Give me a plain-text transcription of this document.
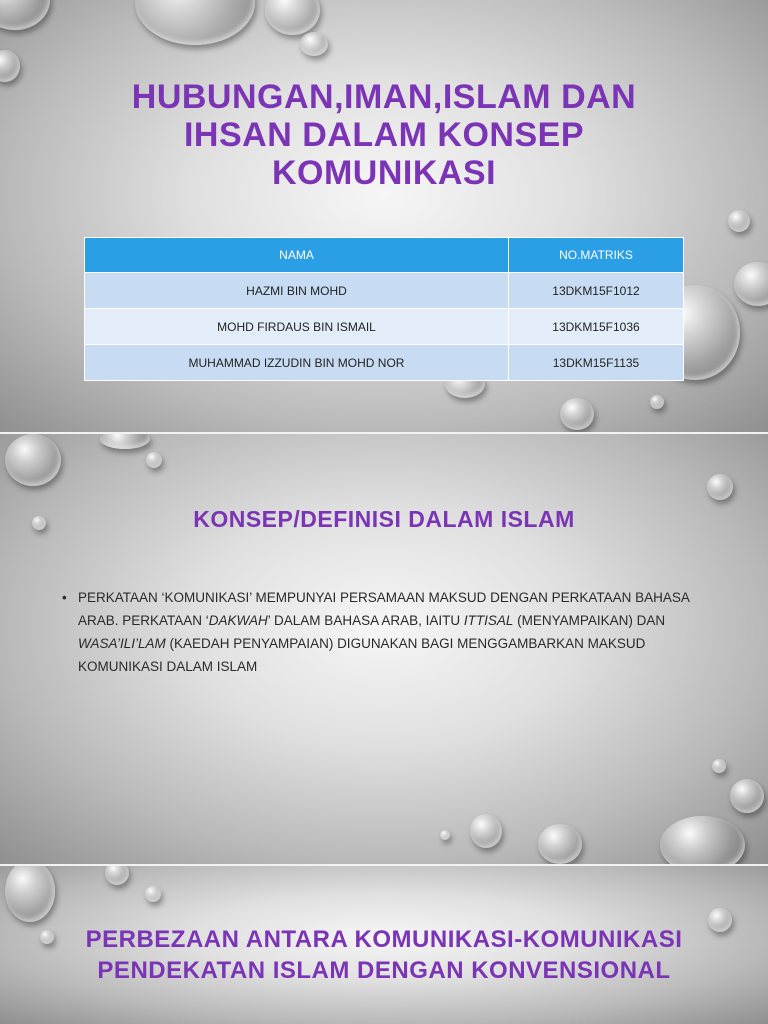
HUBUNGAN,IMAN,ISLAM DAN
IHSAN DALAM KONSEP
KOMUNIKASI
NAMA	NO.MATRIKS
HAZMI BIN MOHD	13DKM15F1012
MOHD FIRDAUS BIN ISMAIL	13DKM15F1036
MUHAMMAD IZZUDIN BIN MOHD NOR	13DKM15F1135
KONSEP/DEFINISI DALAM ISLAM
• PERKATAAN ‘KOMUNIKASI’ MEMPUNYAI PERSAMAAN MAKSUD DENGAN PERKATAAN BAHASA ARAB. PERKATAAN ‘DAKWAH’ DALAM BAHASA ARAB, IAITU ITTISAL (MENYAMPAIKAN) DAN WASA’ILI’LAM (KAEDAH PENYAMPAIAN) DIGUNAKAN BAGI MENGGAMBARKAN MAKSUD KOMUNIKASI DALAM ISLAM
PERBEZAAN ANTARA KOMUNIKASI-KOMUNIKASI
PENDEKATAN ISLAM DENGAN KONVENSIONAL
